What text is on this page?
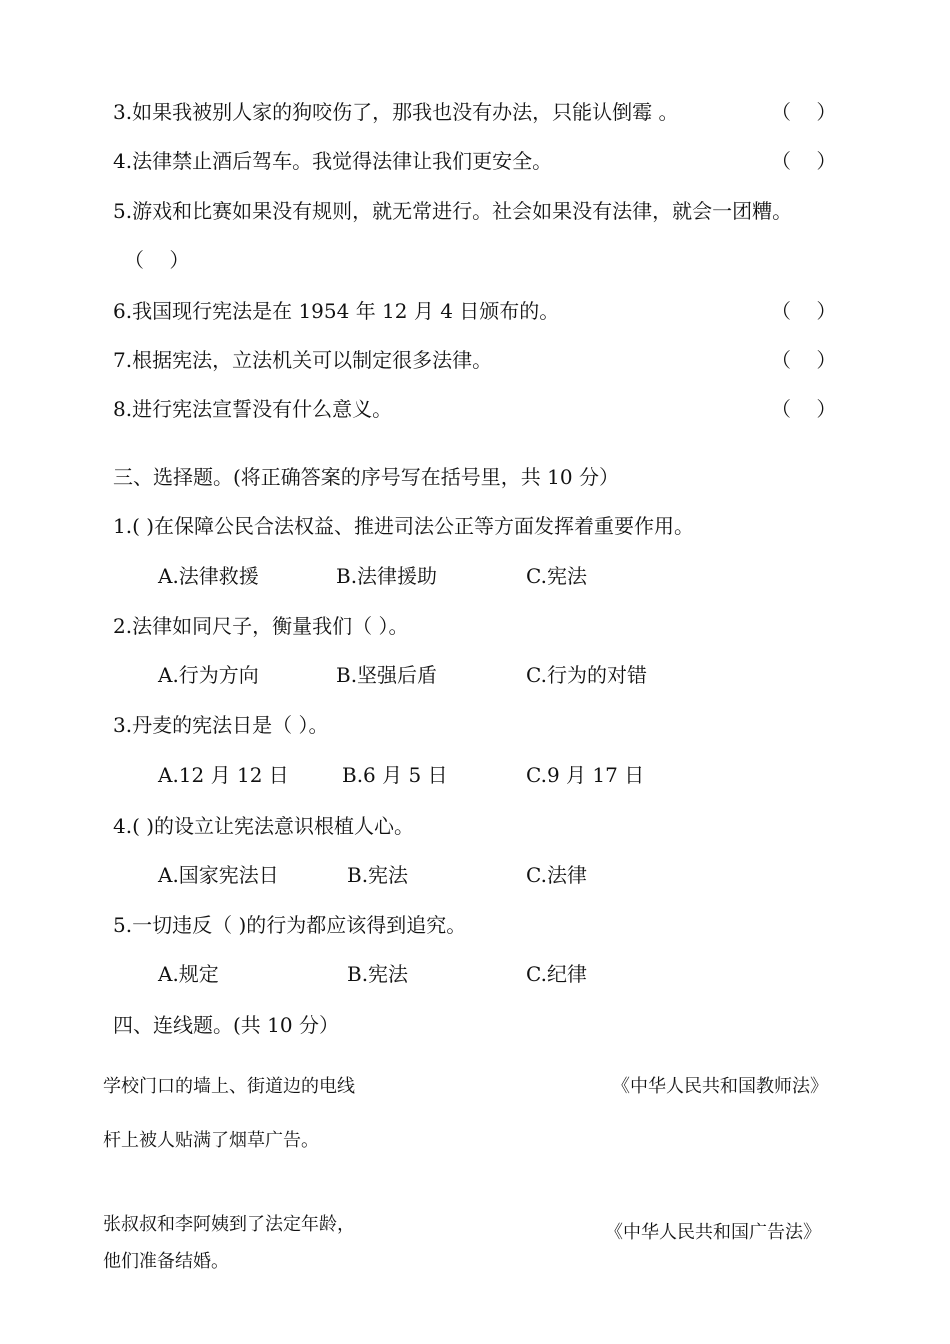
3.如果我被别人家的狗咬伤了，那我也没有办法，只能认倒霉 。	（    ）
4.法律禁止酒后驾车。我觉得法律让我们更安全。	（    ）
5.游戏和比赛如果没有规则，就无常进行。社会如果没有法律，就会一团糟。
（    ）
6.我国现行宪法是在 1954 年 12 月 4 日颁布的。	（    ）
7.根据宪法，立法机关可以制定很多法律。	（    ）
8.进行宪法宣誓没有什么意义。	（    ）
三、选择题。(将正确答案的序号写在括号里，共 10 分）
1.( )在保障公民合法权益、推进司法公正等方面发挥着重要作用。
A.法律救援	B.法律援助	C.宪法
2.法律如同尺子，衡量我们（ ）。
A.行为方向	B.坚强后盾	C.行为的对错
3.丹麦的宪法日是（ ）。
A.12 月 12 日	B.6 月 5 日	C.9 月 17 日
4.( )的设立让宪法意识根植人心。
A.国家宪法日	B.宪法	C.法律
5.一切违反（ )的行为都应该得到追究。
A.规定	B.宪法	C.纪律
四、连线题。(共 10 分）
学校门口的墙上、街道边的电线
杆上被人贴满了烟草广告。
《中华人民共和国教师法》
张叔叔和李阿姨到了法定年龄，
他们准备结婚。
《中华人民共和国广告法》
